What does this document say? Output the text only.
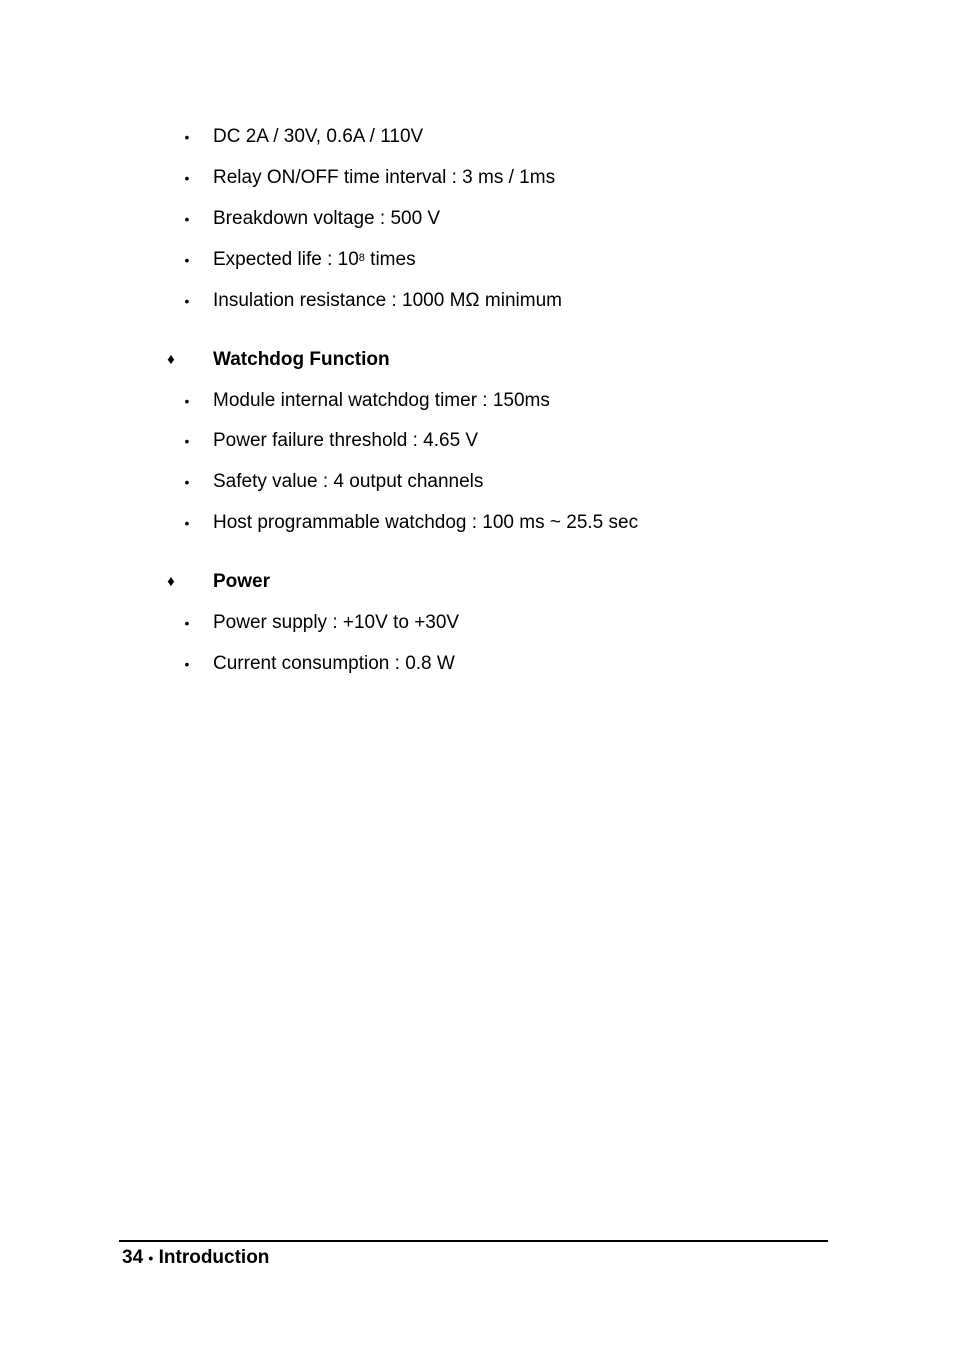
• DC 2A / 30V, 0.6A / 110V
• Relay ON/OFF time interval : 3 ms / 1ms
• Breakdown voltage : 500 V
• Expected life : $10^8$ times
• Insulation resistance : 1000 MΩ minimum
♦ Watchdog Function
• Module internal watchdog timer : 150ms
• Power failure threshold : 4.65 V
• Safety value : 4 output channels
• Host programmable watchdog : 100 ms ~ 25.5 sec
♦ Power
• Power supply : +10V to +30V
• Current consumption : 0.8 W
34 • Introduction
